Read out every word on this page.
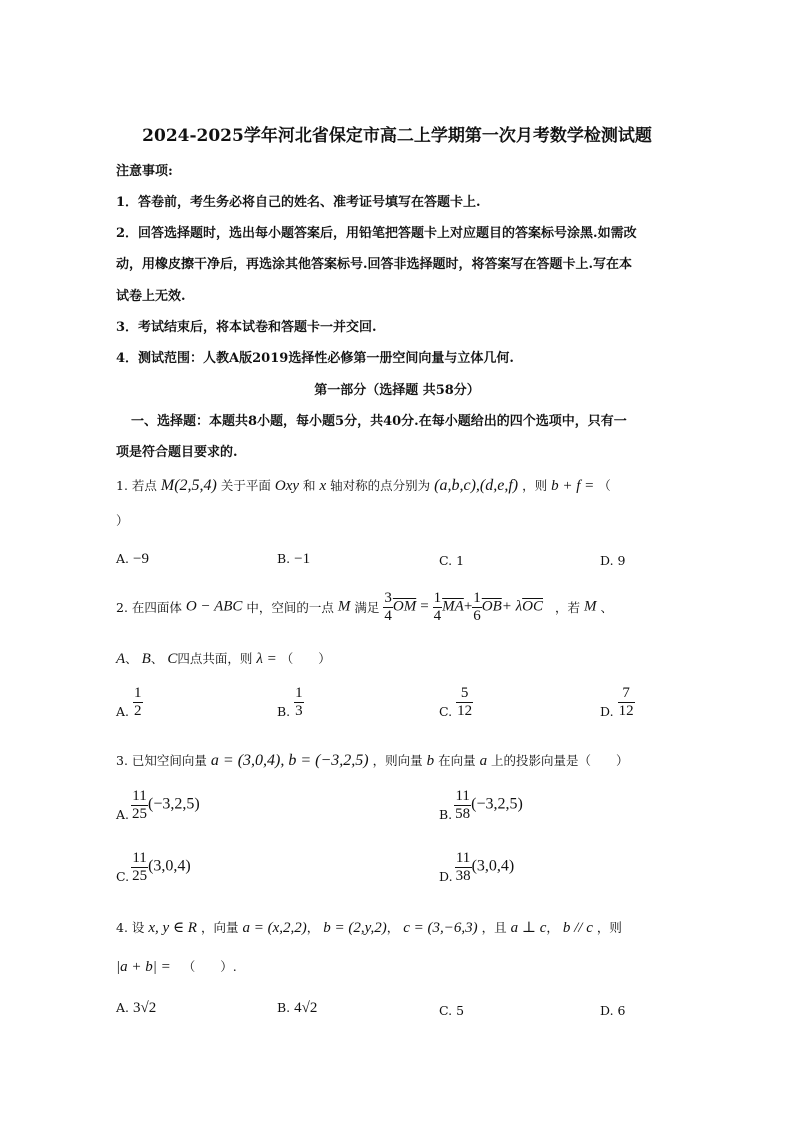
2024-2025学年河北省保定市高二上学期第一次月考数学检测试题
注意事项:
1．答卷前，考生务必将自己的姓名、准考证号填写在答题卡上.
2．回答选择题时，选出每小题答案后，用铅笔把答题卡上对应题目的答案标号涂黑.如需改
动，用橡皮擦干净后，再选涂其他答案标号.回答非选择题时，将答案写在答题卡上.写在本
试卷上无效.
3．考试结束后，将本试卷和答题卡一并交回.
4．测试范围：人教A版2019选择性必修第一册空间向量与立体几何.
第一部分（选择题 共58分）
一、选择题：本题共8小题，每小题5分，共40分.在每小题给出的四个选项中，只有一
项是符合题目要求的.
1. 若点 M(2,5,4) 关于平面 Oxy 和 x 轴对称的点分别为 (a,b,c),(d,e,f) ，则 b + f = （
）
A. −9	B. −1	C. 1	D. 9
2. 在四面体 O − ABC 中，空间的一点 M 满足 $\frac{3}{4} \overline{OM} = \frac{1}{4} \overline{MA}+ \frac{1}{6} \overline{OB}+ \lambda\overline{OC}$ ，若 M 、
A、 B、 C四点共面，则 λ = （　　）
A. $\frac{1}{2}$	B. $\frac{1}{3}$	C. $\frac{5}{12}$	D. $\frac{7}{12}$
3. 已知空间向量 a = (3,0,4), b = (−3,2,5) ，则向量 b 在向量 a 上的投影向量是（　　）
A. $\frac{11}{25} (-3,2,5)$
B. $\frac{11}{58} (-3,2,5)$
C. $\frac{11}{25} (3,0,4)$
D. $\frac{11}{38} (3,0,4)$
4. 设 x, y ∈ R ，向量 a = (x,2,2)， b = (2,y,2)， c = (3,−6,3) ，且 a ⊥ c， b // c ，则
|a + b| = （　　）.
A. 3√2	B. 4√2	C. 5	D. 6
